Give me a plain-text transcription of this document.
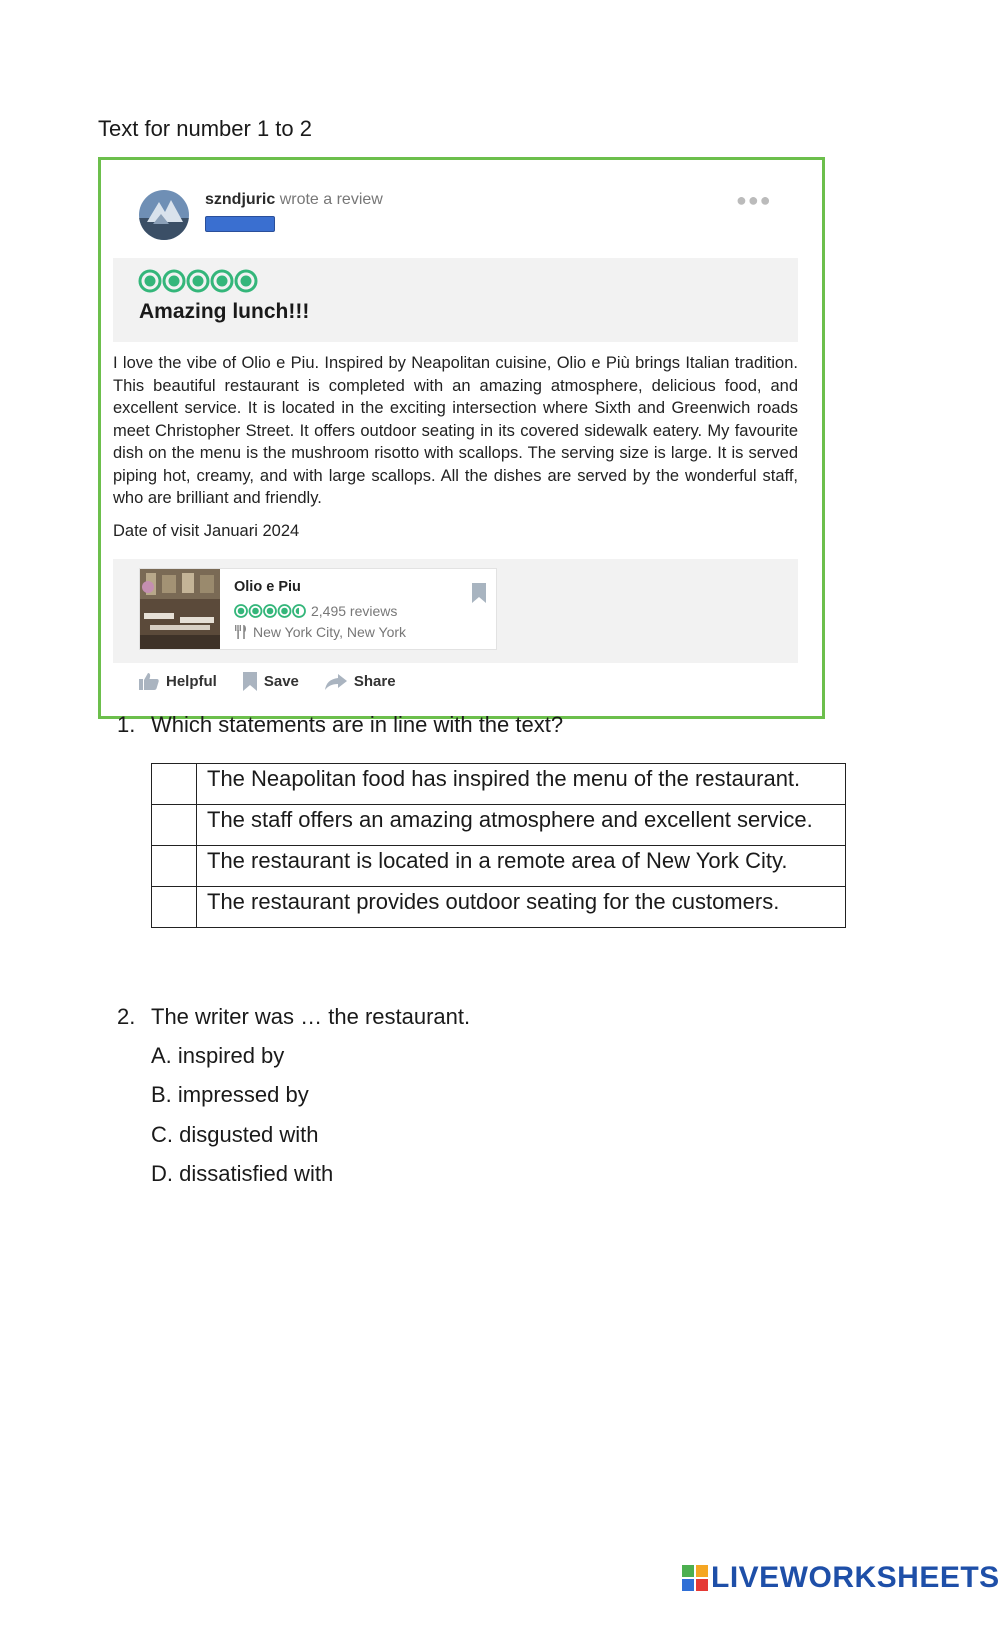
Text for number 1 to 2
szndjuric wrote a review	●●●
Amazing lunch!!!
I love the vibe of Olio e Piu. Inspired by Neapolitan cuisine, Olio e Più brings Italian tradition. This beautiful restaurant is completed with an amazing atmosphere, delicious food, and excellent service. It is located in the exciting intersection where Sixth and Greenwich roads meet Christopher Street. It offers outdoor seating in its covered sidewalk eatery. My favourite dish on the menu is the mushroom risotto with scallops. The serving size is large. It is served piping hot, creamy, and with large scallops. All the dishes are served by the wonderful staff, who are brilliant and friendly.
Date of visit Januari 2024
Olio e Piu
2,495 reviews
New York City, New York
Helpful	Save	Share
1. Which statements are in line with the text?
	The Neapolitan food has inspired the menu of the restaurant.
	The staff offers an amazing atmosphere and excellent service.
	The restaurant is located in a remote area of New York City.
	The restaurant provides outdoor seating for the customers.
2. The writer was … the restaurant.
A. inspired by
B. impressed by
C. disgusted with
D. dissatisfied with
LIVEWORKSHEETS
